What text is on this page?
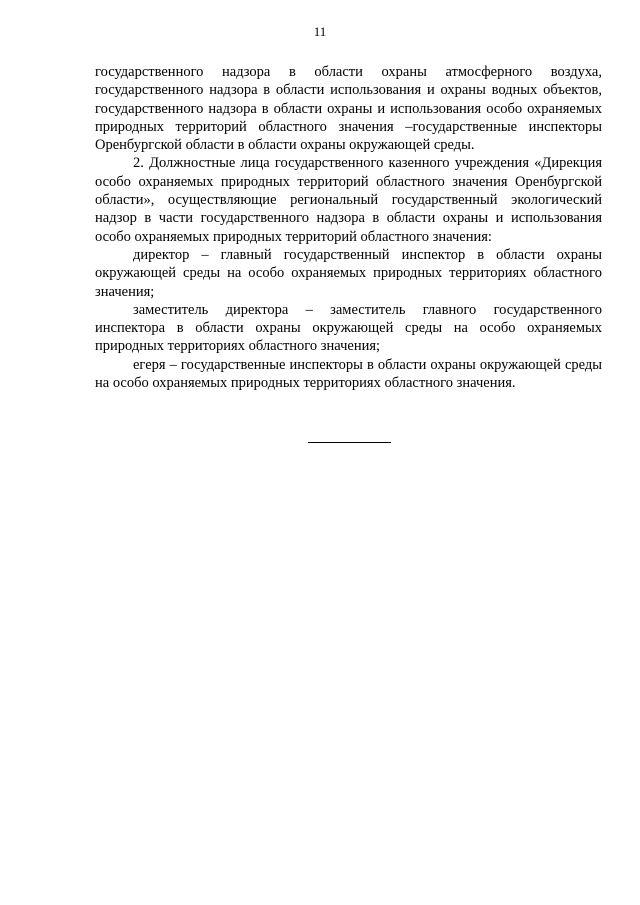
11

государственного надзора в области охраны атмосферного воздуха, государственного надзора в области использования и охраны водных объектов, государственного надзора в области охраны и использования особо охраняемых природных территорий областного значения –государственные инспекторы Оренбургской области в области охраны окружающей среды.

2. Должностные лица государственного казенного учреждения «Дирекция особо охраняемых природных территорий областного значения Оренбургской области», осуществляющие региональный государственный экологический надзор в части государственного надзора в области охраны и использования особо охраняемых природных территорий областного значения:

директор – главный государственный инспектор в области охраны окружающей среды на особо охраняемых природных территориях областного значения;

заместитель директора – заместитель главного государственного инспектора в области охраны окружающей среды на особо охраняемых природных территориях областного значения;

егеря – государственные инспекторы в области охраны окружающей среды на особо охраняемых природных территориях областного значения.
